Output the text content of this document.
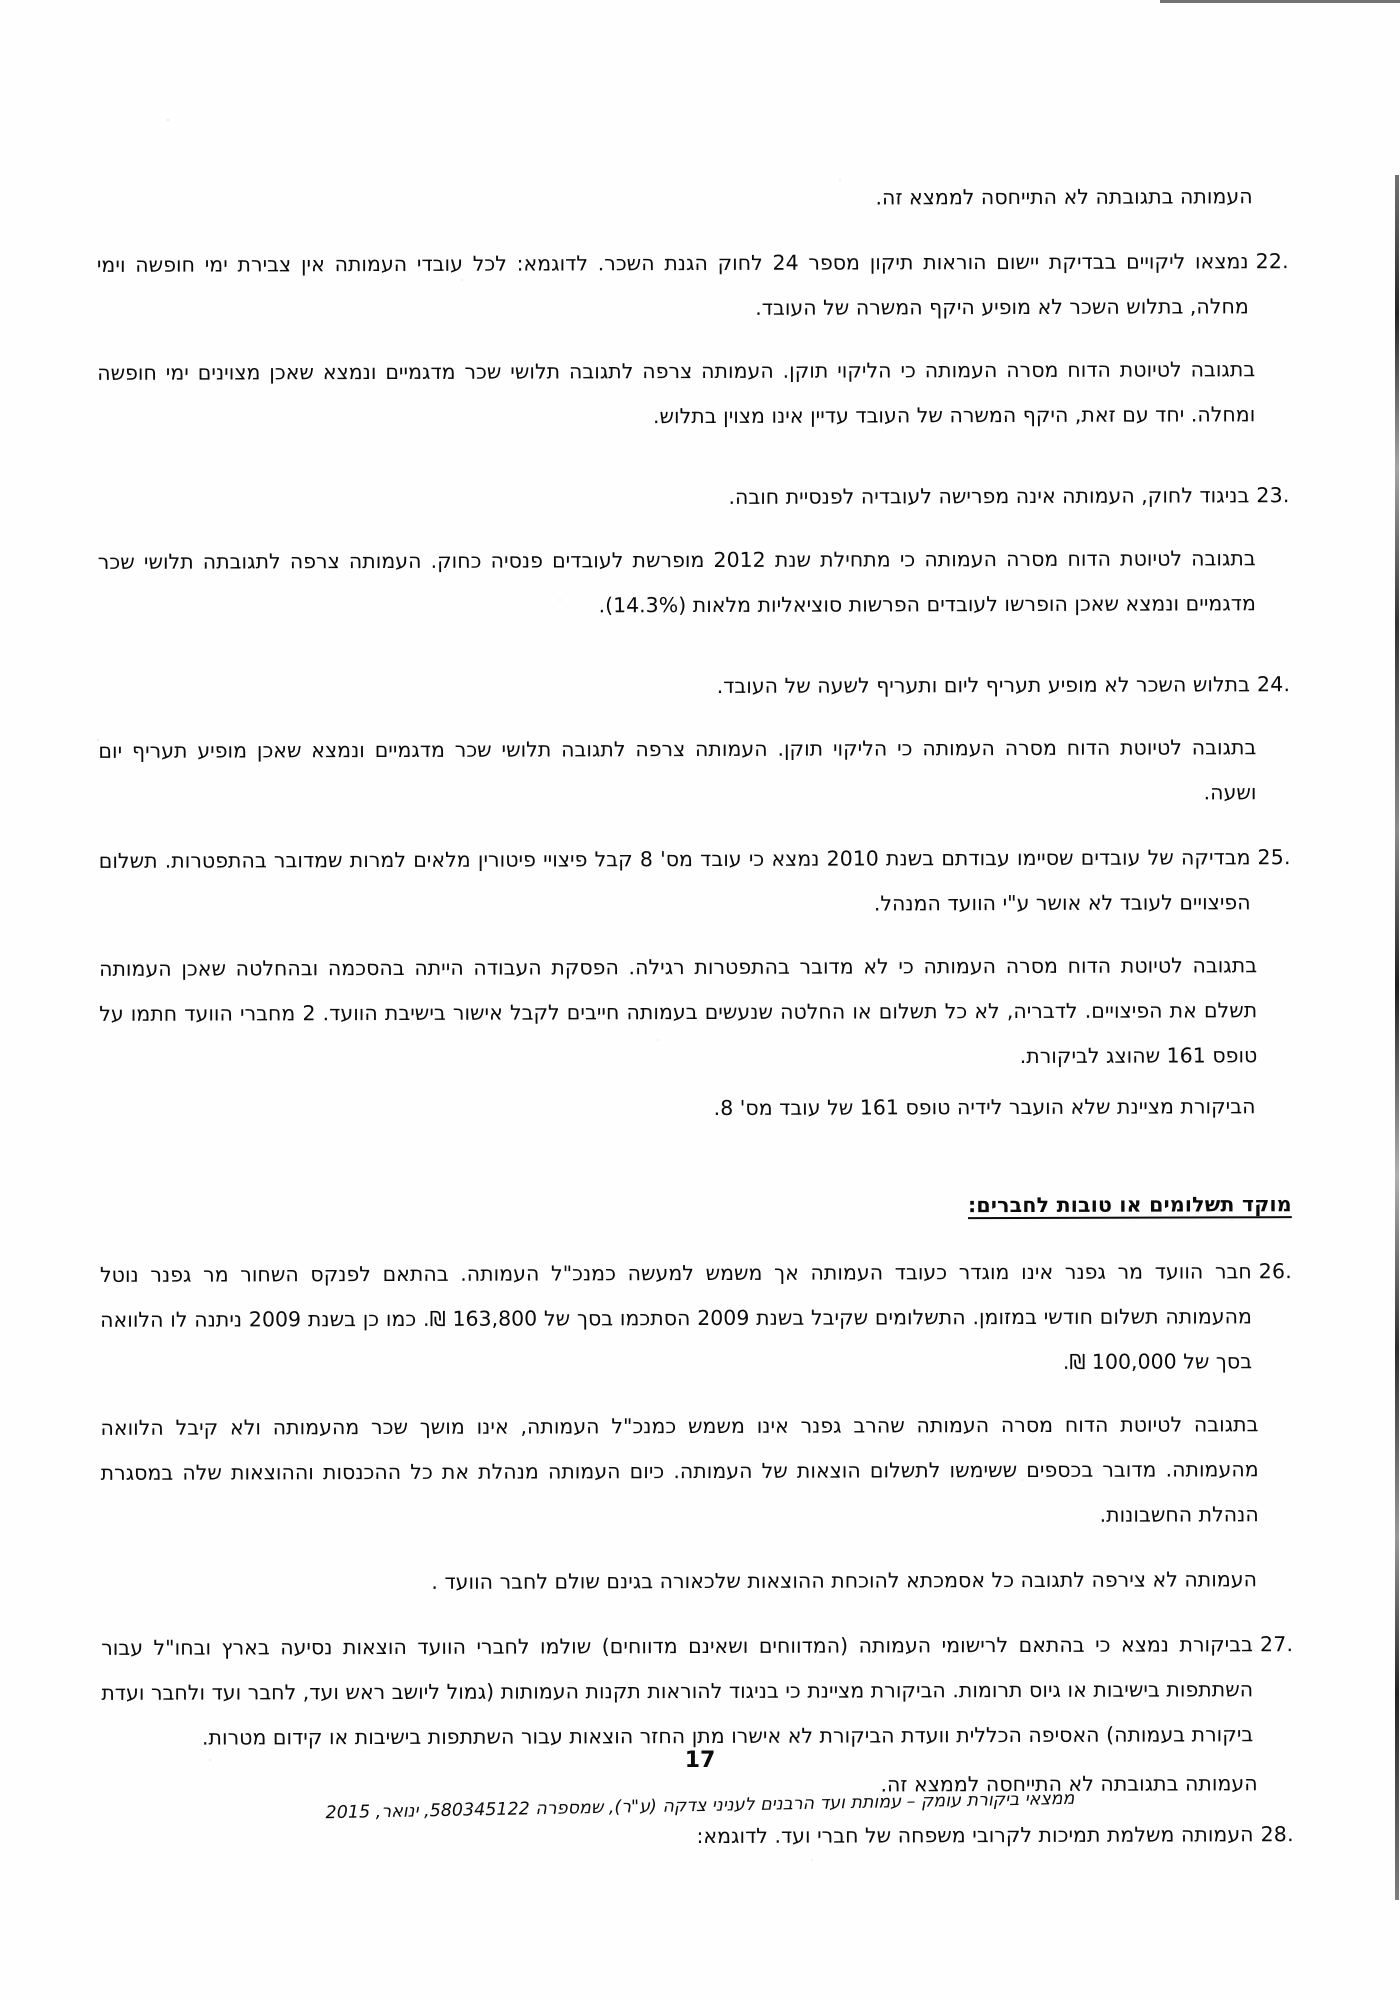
העמותה בתגובתה לא התייחסה לממצא זה.
.22
נמצאו ליקויים בבדיקת יישום הוראות תיקון מספר 24 לחוק הגנת השכר. לדוגמא: לכל עובדי העמותה אין צבירת ימי חופשה וימי מחלה, בתלוש השכר לא מופיע היקף המשרה של העובד.
בתגובה לטיוטת הדוח מסרה העמותה כי הליקוי תוקן. העמותה צרפה לתגובה תלושי שכר מדגמיים ונמצא שאכן מצוינים ימי חופשה ומחלה. יחד עם זאת, היקף המשרה של העובד עדיין אינו מצוין בתלוש.
.23
בניגוד לחוק, העמותה אינה מפרישה לעובדיה לפנסיית חובה.
בתגובה לטיוטת הדוח מסרה העמותה כי מתחילת שנת 2012 מופרשת לעובדים פנסיה כחוק. העמותה צרפה לתגובתה תלושי שכר מדגמיים ונמצא שאכן הופרשו לעובדים הפרשות סוציאליות מלאות (14.3%).
.24
בתלוש השכר לא מופיע תעריף ליום ותעריף לשעה של העובד.
בתגובה לטיוטת הדוח מסרה העמותה כי הליקוי תוקן. העמותה צרפה לתגובה תלושי שכר מדגמיים ונמצא שאכן מופיע תעריף יום ושעה.
.25
מבדיקה של עובדים שסיימו עבודתם בשנת 2010 נמצא כי עובד מס' 8 קבל פיצויי פיטורין מלאים למרות שמדובר בהתפטרות. תשלום הפיצויים לעובד לא אושר ע"י הוועד המנהל.
בתגובה לטיוטת הדוח מסרה העמותה כי לא מדובר בהתפטרות רגילה. הפסקת העבודה הייתה בהסכמה ובהחלטה שאכן העמותה תשלם את הפיצויים. לדבריה, לא כל תשלום או החלטה שנעשים בעמותה חייבים לקבל אישור בישיבת הוועד. 2 מחברי הוועד חתמו על טופס 161 שהוצג לביקורת.
הביקורת מציינת שלא הועבר לידיה טופס 161 של עובד מס' 8.
מוקד תשלומים או טובות לחברים:
.26
חבר הוועד מר גפנר אינו מוגדר כעובד העמותה אך משמש למעשה כמנכ"ל העמותה. בהתאם לפנקס השחור מר גפנר נוטל מהעמותה תשלום חודשי במזומן. התשלומים שקיבל בשנת 2009 הסתכמו בסך של 163,800 ₪. כמו כן בשנת 2009 ניתנה לו הלוואה בסך של 100,000 ₪.
בתגובה לטיוטת הדוח מסרה העמותה שהרב גפנר אינו משמש כמנכ"ל העמותה, אינו מושך שכר מהעמותה ולא קיבל הלוואה מהעמותה. מדובר בכספים ששימשו לתשלום הוצאות של העמותה. כיום העמותה מנהלת את כל ההכנסות וההוצאות שלה במסגרת הנהלת החשבונות.
העמותה לא צירפה לתגובה כל אסמכתא להוכחת ההוצאות שלכאורה בגינם שולם לחבר הוועד .
.27
בביקורת נמצא כי בהתאם לרישומי העמותה (המדווחים ושאינם מדווחים) שולמו לחברי הוועד הוצאות נסיעה בארץ ובחו"ל עבור השתתפות בישיבות או גיוס תרומות. הביקורת מציינת כי בניגוד להוראות תקנות העמותות (גמול ליושב ראש ועד, לחבר ועד ולחבר ועדת ביקורת בעמותה) האסיפה הכללית וועדת הביקורת לא אישרו מתן החזר הוצאות עבור השתתפות בישיבות או קידום מטרות.
העמותה בתגובתה לא התייחסה לממצא זה.
.28
העמותה משלמת תמיכות לקרובי משפחה של חברי ועד. לדוגמא:
17
ממצאי ביקורת עומק – עמותת ועד הרבנים לעניני צדקה (ע"ר), שמספרה 580345122, ינואר, 2015
